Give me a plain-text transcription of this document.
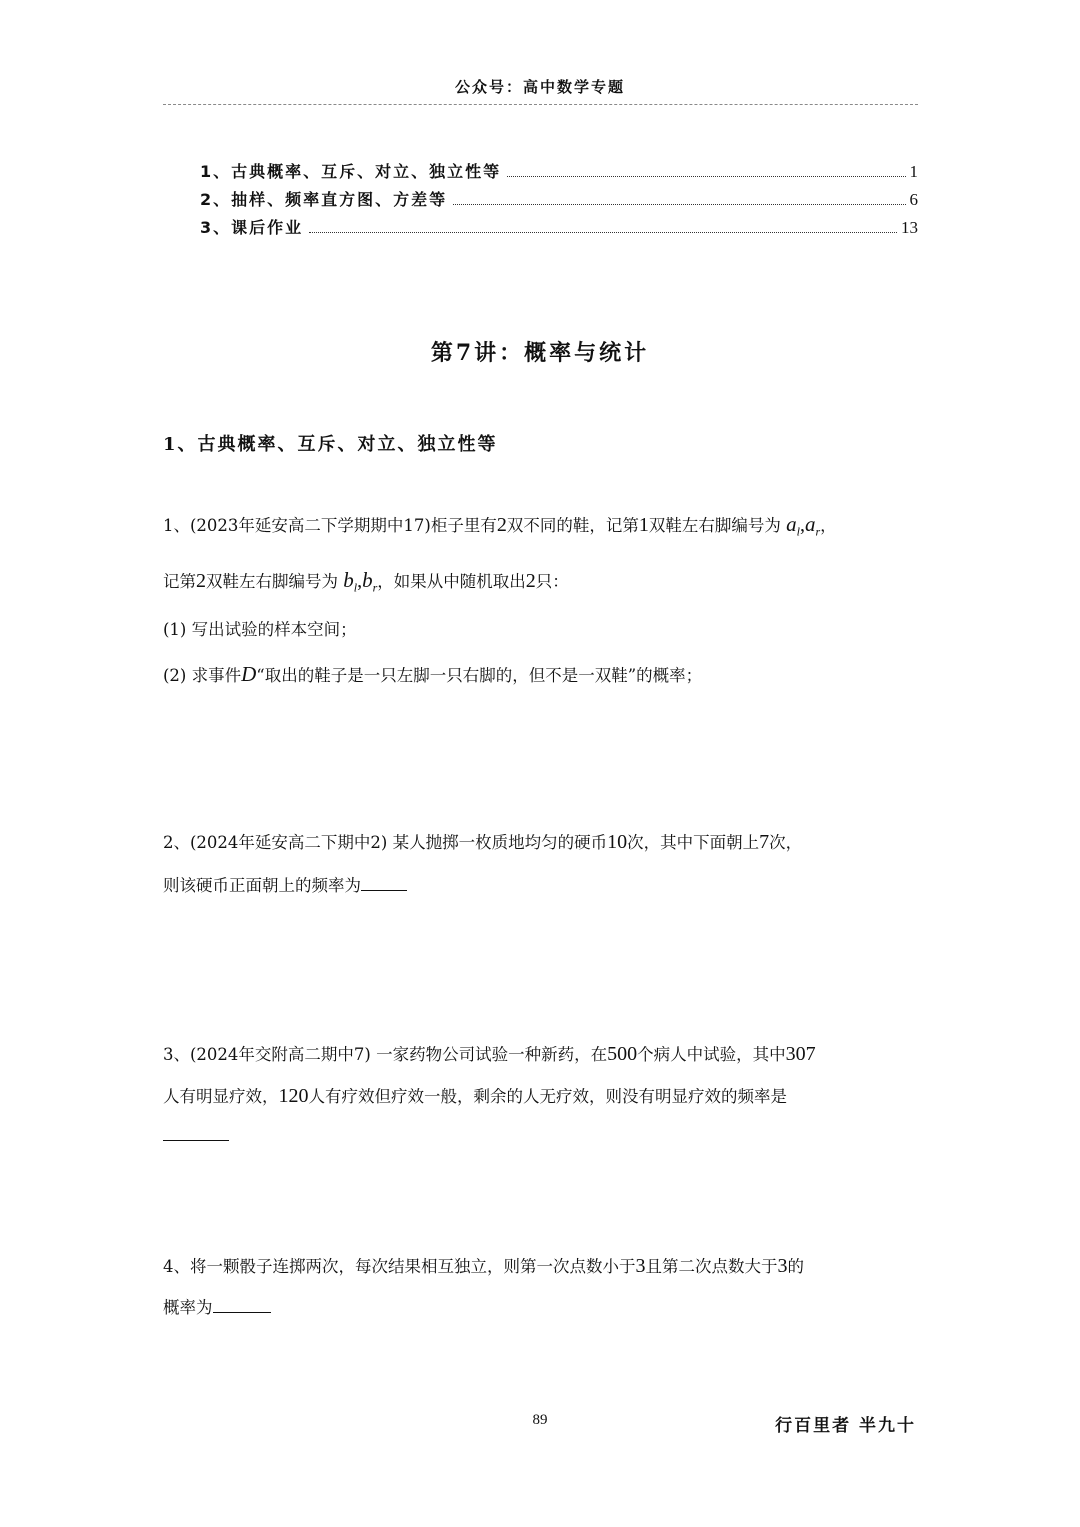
公众号：高中数学专题
1、古典概率、互斥、对立、独立性等	1
2、抽样、频率直方图、方差等	6
3、课后作业	13
第7讲：概率与统计
1、古典概率、互斥、对立、独立性等
1、(2023年延安高二下学期期中17)柜子里有2双不同的鞋，记第1双鞋左右脚编号为 $a_l,a_r$，
记第2双鞋左右脚编号为 $b_l,b_r$，如果从中随机取出2只：
(1) 写出试验的样本空间；
(2) 求事件D“取出的鞋子是一只左脚一只右脚的，但不是一双鞋”的概率；
2、(2024年延安高二下期中2) 某人抛掷一枚质地均匀的硬币10次，其中下面朝上7次，
则该硬币正面朝上的频率为
3、(2024年交附高二期中7) 一家药物公司试验一种新药，在500个病人中试验，其中307
人有明显疗效，120人有疗效但疗效一般，剩余的人无疗效，则没有明显疗效的频率是
4、将一颗骰子连掷两次，每次结果相互独立，则第一次点数小于3且第二次点数大于3的
概率为
89	行百里者 半九十
